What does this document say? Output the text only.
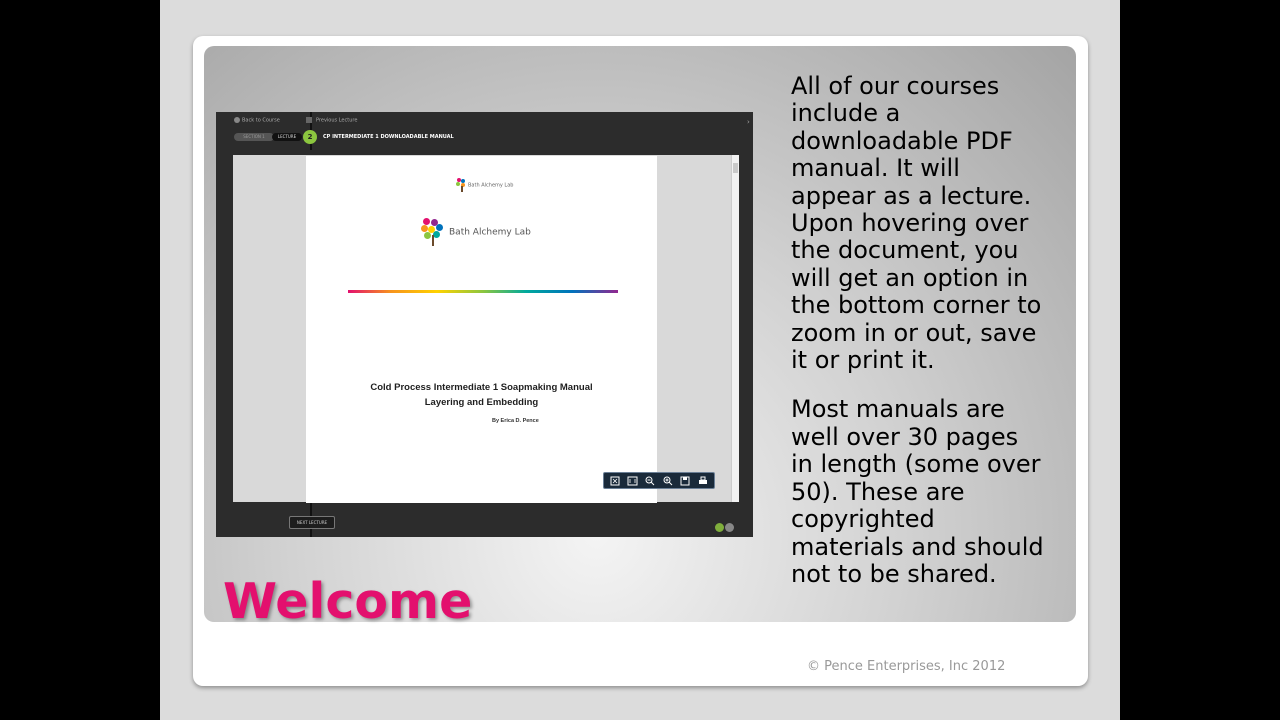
Back to Course	Previous Lecture
SECTION 1	LECTURE	2	CP INTERMEDIATE 1 DOWNLOADABLE MANUAL
›
Bath Alchemy Lab
Bath Alchemy Lab
Cold Process Intermediate 1 Soapmaking Manual
Layering and Embedding
By Erica D. Pence
NEXT LECTURE

All of our courses
include a
downloadable PDF
manual. It will
appear as a lecture.
Upon hovering over
the document, you
will get an option in
the bottom corner to
zoom in or out, save
it or print it.

Most manuals are
well over 30 pages
in length (some over
50). These are
copyrighted
materials and should
not to be shared.

Welcome
© Pence Enterprises, Inc 2012
